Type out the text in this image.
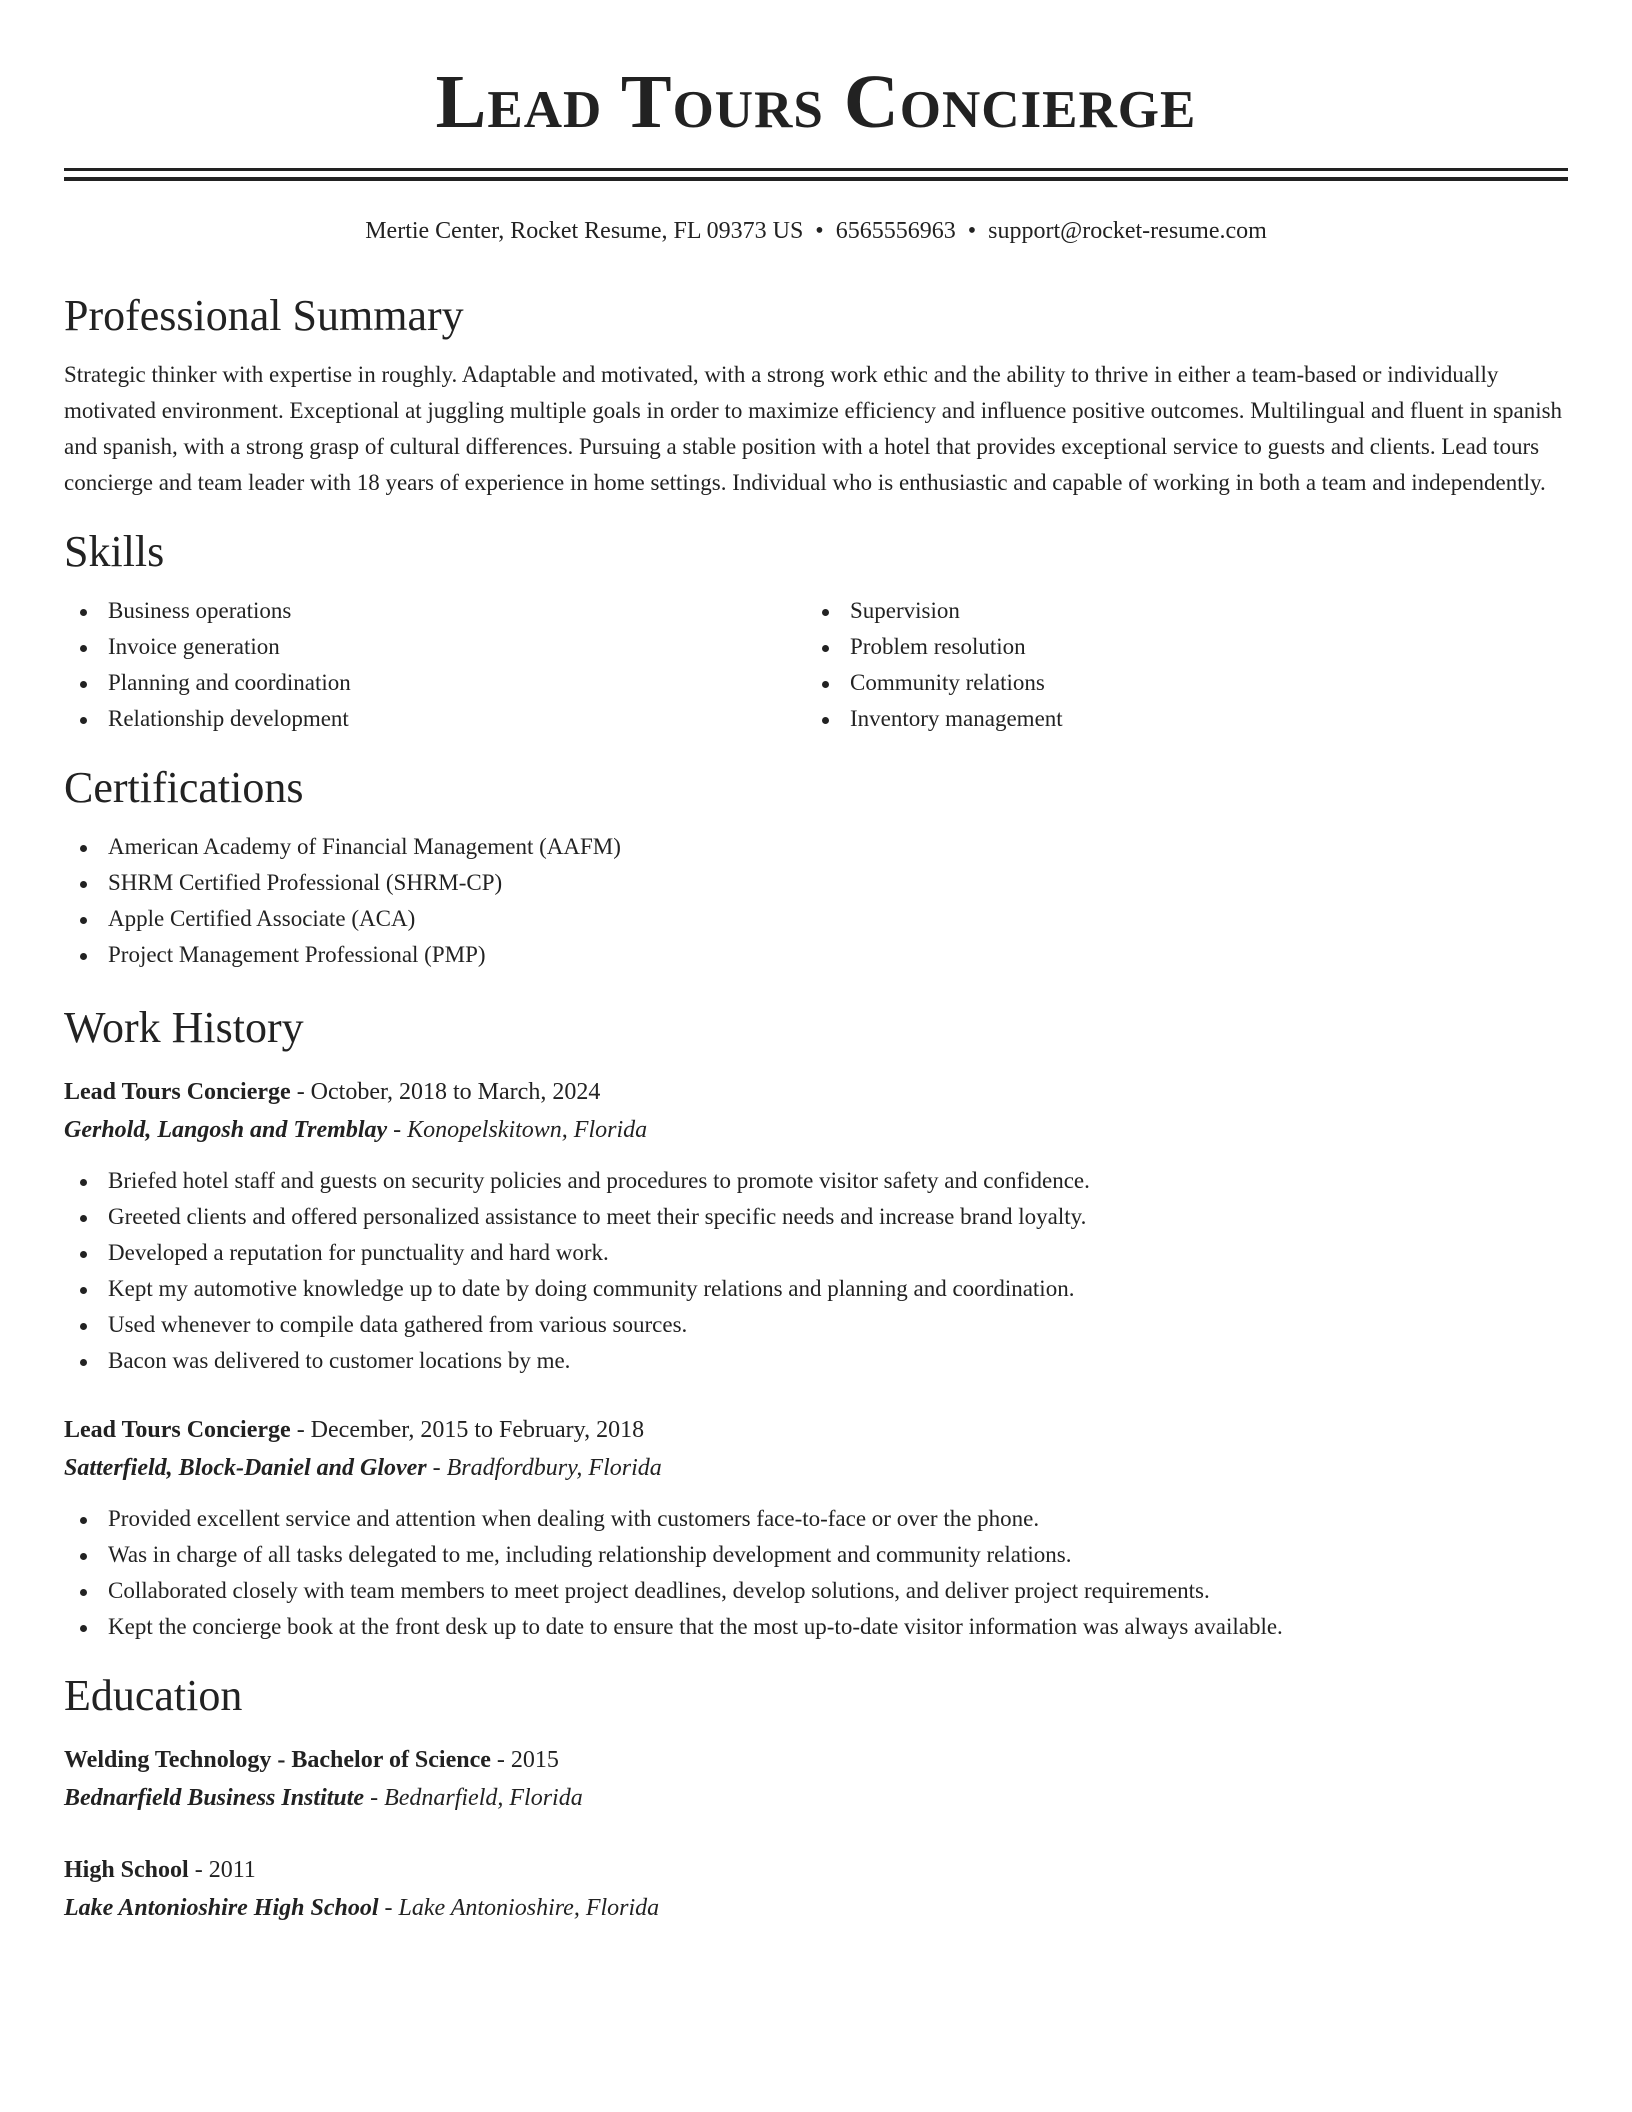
Lead Tours Concierge
Mertie Center, Rocket Resume, FL 09373 US • 6565556963 • support@rocket-resume.com
Professional Summary
Strategic thinker with expertise in roughly. Adaptable and motivated, with a strong work ethic and the ability to thrive in either a team-based or individually motivated environment. Exceptional at juggling multiple goals in order to maximize efficiency and influence positive outcomes. Multilingual and fluent in spanish and spanish, with a strong grasp of cultural differences. Pursuing a stable position with a hotel that provides exceptional service to guests and clients. Lead tours concierge and team leader with 18 years of experience in home settings. Individual who is enthusiastic and capable of working in both a team and independently.
Skills
Business operations
Invoice generation
Planning and coordination
Relationship development
Supervision
Problem resolution
Community relations
Inventory management
Certifications
American Academy of Financial Management (AAFM)
SHRM Certified Professional (SHRM-CP)
Apple Certified Associate (ACA)
Project Management Professional (PMP)
Work History
Lead Tours Concierge - October, 2018 to March, 2024
Gerhold, Langosh and Tremblay - Konopelskitown, Florida
Briefed hotel staff and guests on security policies and procedures to promote visitor safety and confidence.
Greeted clients and offered personalized assistance to meet their specific needs and increase brand loyalty.
Developed a reputation for punctuality and hard work.
Kept my automotive knowledge up to date by doing community relations and planning and coordination.
Used whenever to compile data gathered from various sources.
Bacon was delivered to customer locations by me.
Lead Tours Concierge - December, 2015 to February, 2018
Satterfield, Block-Daniel and Glover - Bradfordbury, Florida
Provided excellent service and attention when dealing with customers face-to-face or over the phone.
Was in charge of all tasks delegated to me, including relationship development and community relations.
Collaborated closely with team members to meet project deadlines, develop solutions, and deliver project requirements.
Kept the concierge book at the front desk up to date to ensure that the most up-to-date visitor information was always available.
Education
Welding Technology - Bachelor of Science - 2015
Bednarfield Business Institute - Bednarfield, Florida
High School - 2011
Lake Antonioshire High School - Lake Antonioshire, Florida
